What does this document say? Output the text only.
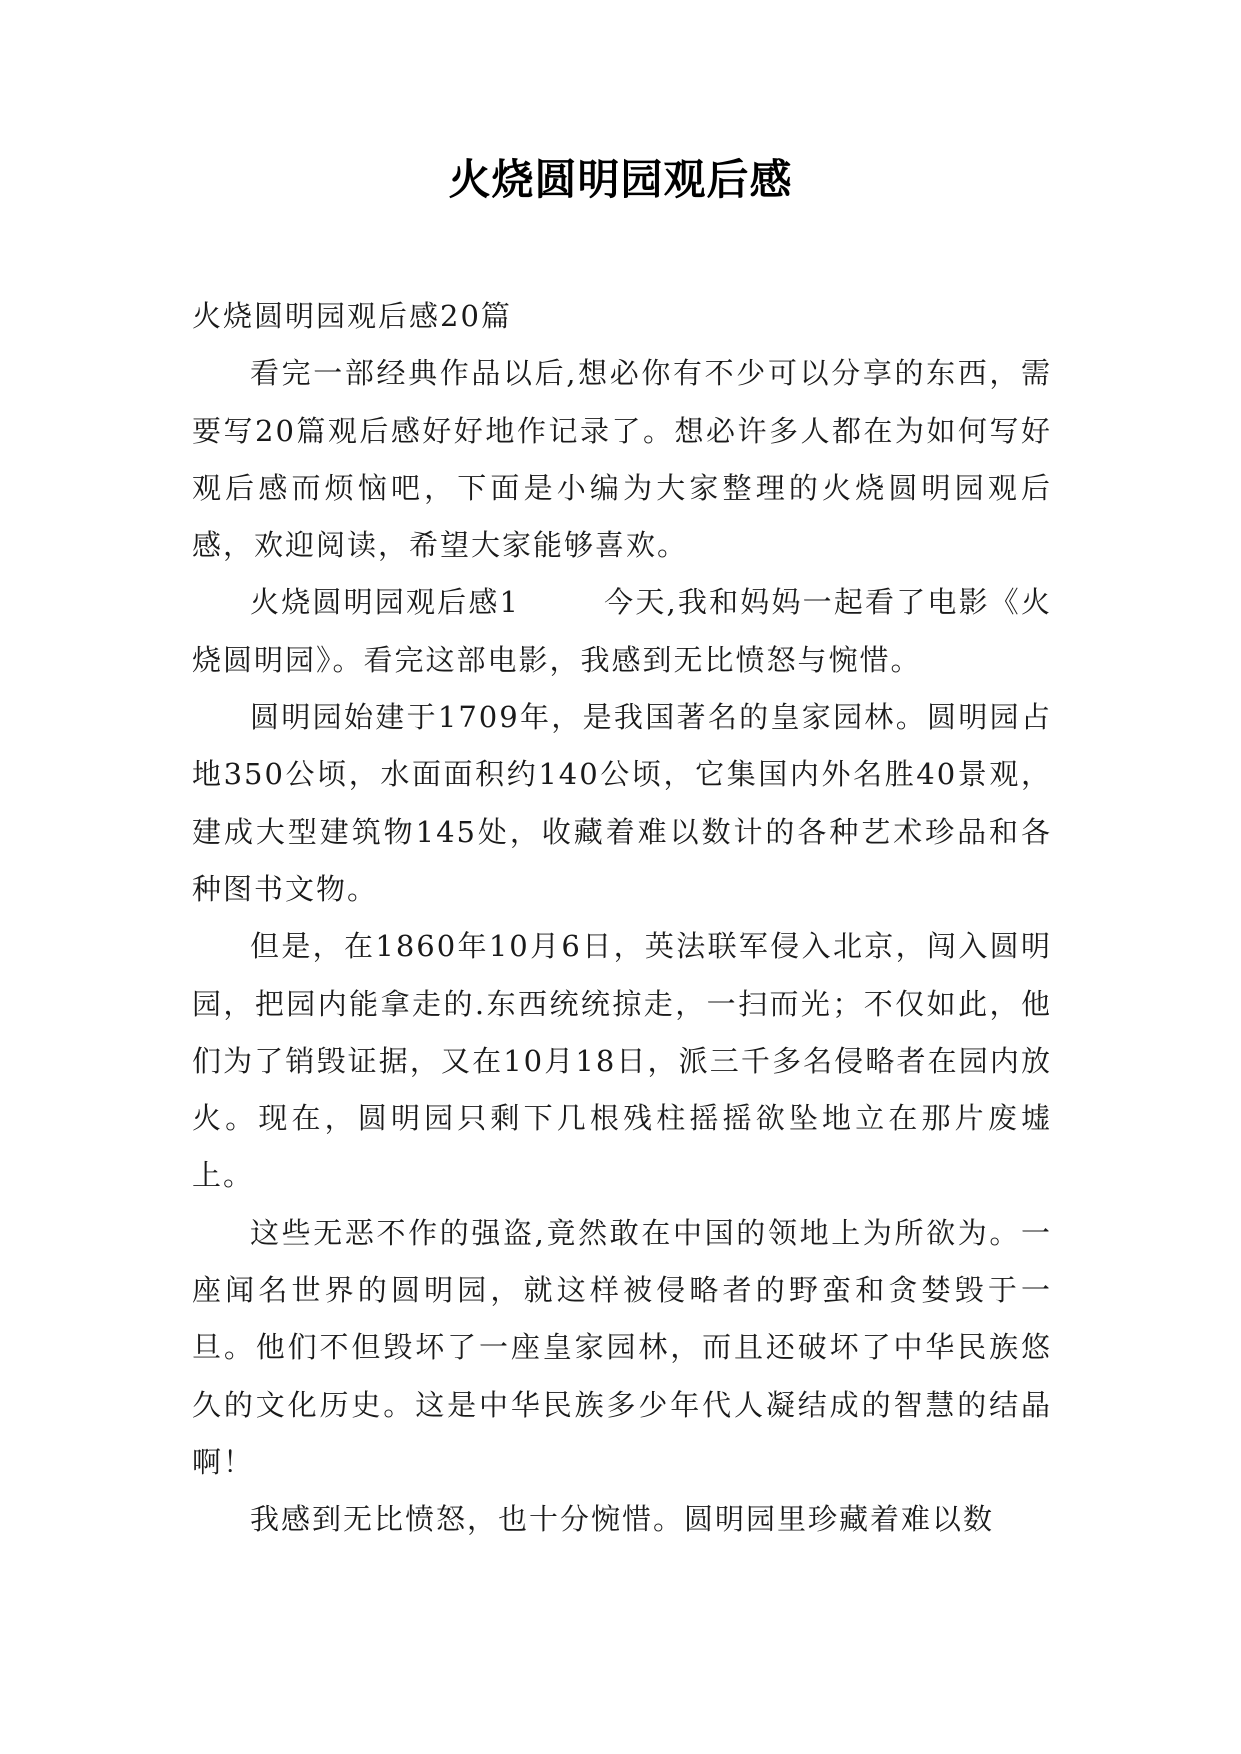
火烧圆明园观后感

火烧圆明园观后感20篇

看完一部经典作品以后,想必你有不少可以分享的东西，需要写20篇观后感好好地作记录了。想必许多人都在为如何写好观后感而烦恼吧，下面是小编为大家整理的火烧圆明园观后感，欢迎阅读，希望大家能够喜欢。

火烧圆明园观后感1	今天,我和妈妈一起看了电影《火烧圆明园》。看完这部电影，我感到无比愤怒与惋惜。

圆明园始建于1709年，是我国著名的皇家园林。圆明园占地350公顷，水面面积约140公顷，它集国内外名胜40景观，建成大型建筑物145处，收藏着难以数计的各种艺术珍品和各种图书文物。

但是，在1860年10月6日，英法联军侵入北京，闯入圆明园，把园内能拿走的.东西统统掠走，一扫而光；不仅如此，他们为了销毁证据，又在10月18日，派三千多名侵略者在园内放火。现在，圆明园只剩下几根残柱摇摇欲坠地立在那片废墟上。

这些无恶不作的强盗,竟然敢在中国的领地上为所欲为。一座闻名世界的圆明园，就这样被侵略者的野蛮和贪婪毁于一旦。他们不但毁坏了一座皇家园林，而且还破坏了中华民族悠久的文化历史。这是中华民族多少年代人凝结成的智慧的结晶啊！

我感到无比愤怒，也十分惋惜。圆明园里珍藏着难以数
